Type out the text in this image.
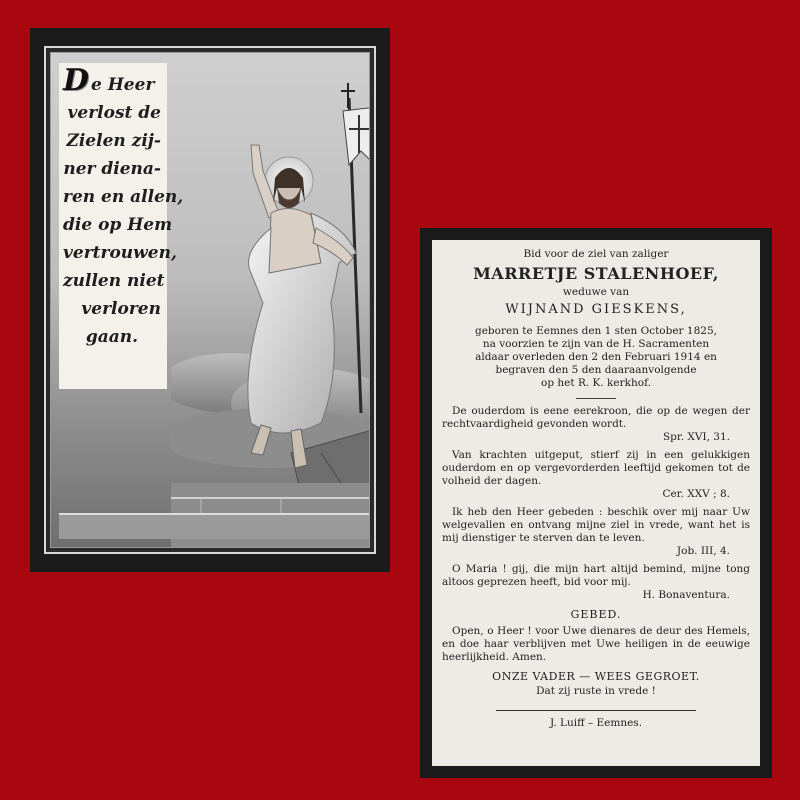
De Heer
verlost de
Zielen zij-
ner diena-
ren en allen,
die op Hem
vertrouwen,
zullen niet
verloren
gaan.
Bid voor de ziel van zaliger
MARRETJE STALENHOEF,
weduwe van
WIJNAND GIESKENS,
geboren te Eemnes den 1 sten October 1825,
na voorzien te zijn van de H. Sacramenten
aldaar overleden den 2 den Februari 1914 en
begraven den 5 den daaraanvolgende
op het R. K. kerkhof.
De ouderdom is eene eerekroon, die op de wegen der rechtvaardigheid gevonden wordt.
Spr. XVI, 31.
Van krachten uitgeput, stierf zij in een gelukkigen ouderdom en op vergevorderden leeftijd gekomen tot de volheid der dagen.
Cer. XXV ; 8.
Ik heb den Heer gebeden : beschik over mij naar Uw welgevallen en ontvang mijne ziel in vrede, want het is mij dienstiger te sterven dan te leven.
Job. III, 4.
O Maria ! gij, die mijn hart altijd bemind, mijne tong altoos geprezen heeft, bid voor mij.
H. Bonaventura.
GEBED.
Open, o Heer ! voor Uwe dienares de deur des Hemels, en doe haar verblijven met Uwe heiligen in de eeuwige heerlijkheid. Amen.
ONZE VADER — WEES GEGROET.
Dat zij ruste in vrede !
J. Luiff – Eemnes.
